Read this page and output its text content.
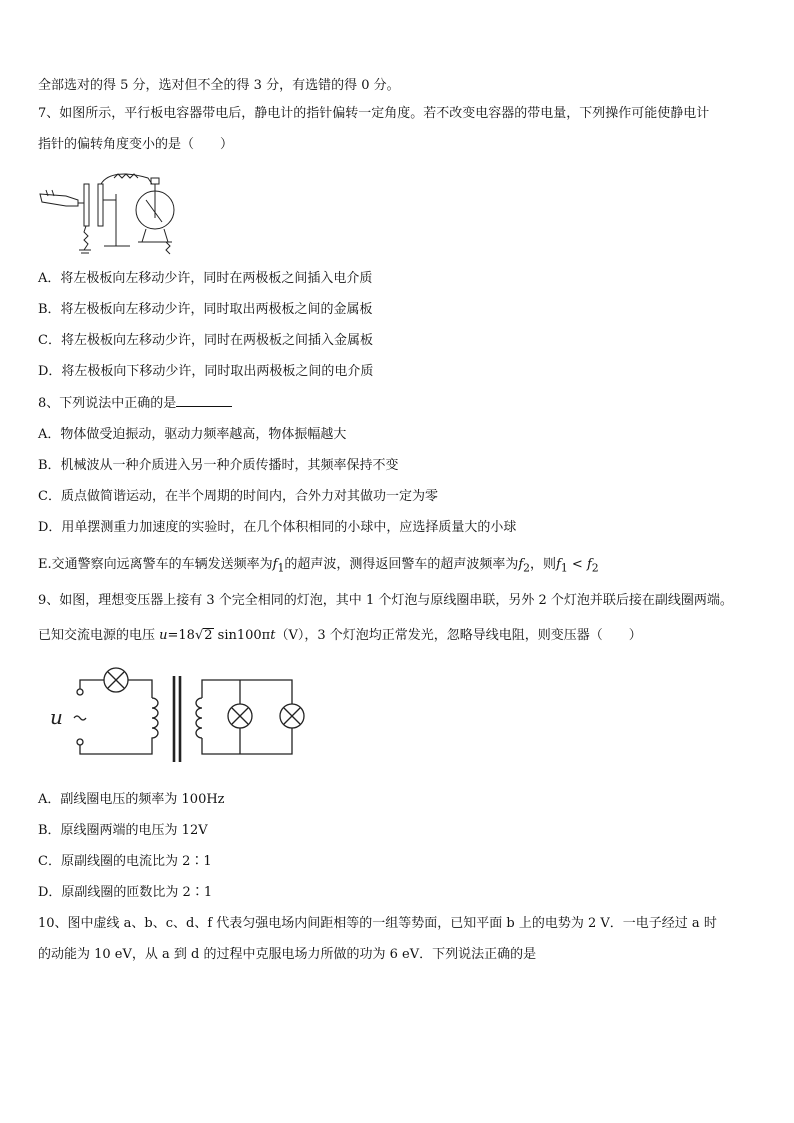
全部选对的得 5 分，选对但不全的得 3 分，有选错的得 0 分。
7、如图所示，平行板电容器带电后，静电计的指针偏转一定角度。若不改变电容器的带电量，下列操作可能使静电计
指针的偏转角度变小的是（　　）
A．将左极板向左移动少许，同时在两极板之间插入电介质
B．将左极板向左移动少许，同时取出两极板之间的金属板
C．将左极板向左移动少许，同时在两极板之间插入金属板
D．将左极板向下移动少许，同时取出两极板之间的电介质
8、下列说法中正确的是
A．物体做受迫振动，驱动力频率越高，物体振幅越大
B．机械波从一种介质进入另一种介质传播时，其频率保持不变
C．质点做简谐运动，在半个周期的时间内，合外力对其做功一定为零
D．用单摆测重力加速度的实验时，在几个体积相同的小球中，应选择质量大的小球
E.交通警察向远离警车的车辆发送频率为$f_1$的超声波，测得返回警车的超声波频率为$f_2$，则$f_1 < f_2$
9、如图，理想变压器上接有 3 个完全相同的灯泡，其中 1 个灯泡与原线圈串联，另外 2 个灯泡并联后接在副线圈两端。
已知交流电源的电压 u=18√2 sin100πt（V），3 个灯泡均正常发光，忽略导线电阻，则变压器（　　）
u
A．副线圈电压的频率为 100Hz
B．原线圈两端的电压为 12V
C．原副线圈的电流比为 2∶1
D．原副线圈的匝数比为 2∶1
10、图中虚线 a、b、c、d、f 代表匀强电场内间距相等的一组等势面，已知平面 b 上的电势为 2 V．一电子经过 a 时
的动能为 10 eV，从 a 到 d 的过程中克服电场力所做的功为 6 eV．下列说法正确的是
